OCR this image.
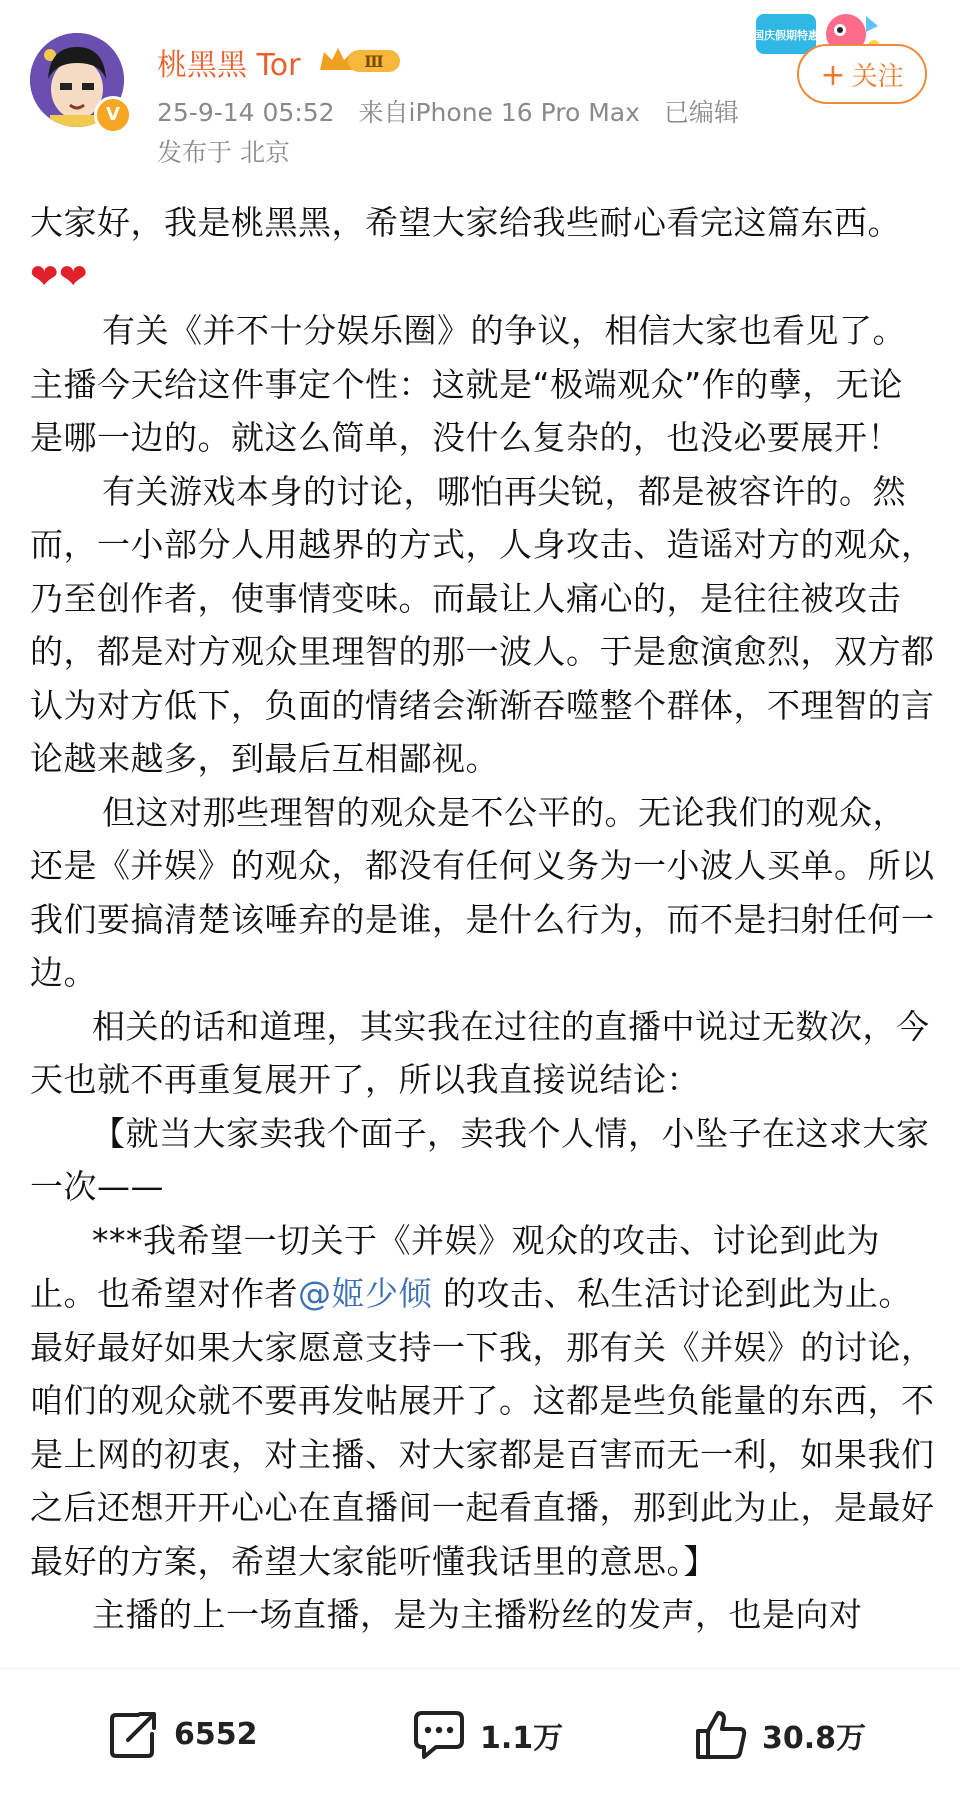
V
桃黑黑 Tor	Ⅲ
25-9-14 05:52 来自iPhone 16 Pro Max 已编辑
发布于 北京
国庆假期特惠
+ 关注

大家好，我是桃黑黑，希望大家给我些耐心看完这篇东西。 ❤❤

有关《并不十分娱乐圈》的争议，相信大家也看见了。主播今天给这件事定个性：这就是“极端观众”作的孽，无论是哪一边的。就这么简单，没什么复杂的，也没必要展开！

有关游戏本身的讨论，哪怕再尖锐，都是被容许的。然而，一小部分人用越界的方式，人身攻击、造谣对方的观众，乃至创作者，使事情变味。而最让人痛心的，是往往被攻击的，都是对方观众里理智的那一波人。于是愈演愈烈，双方都认为对方低下，负面的情绪会渐渐吞噬整个群体，不理智的言论越来越多，到最后互相鄙视。

但这对那些理智的观众是不公平的。无论我们的观众，还是《并娱》的观众，都没有任何义务为一小波人买单。所以我们要搞清楚该唾弃的是谁，是什么行为，而不是扫射任何一边。

相关的话和道理，其实我在过往的直播中说过无数次，今天也就不再重复展开了，所以我直接说结论：

【就当大家卖我个面子，卖我个人情，小坠子在这求大家一次——

***我希望一切关于《并娱》观众的攻击、讨论到此为止。也希望对作者@姬少倾 的攻击、私生活讨论到此为止。最好最好如果大家愿意支持一下我，那有关《并娱》的讨论，咱们的观众就不要再发帖展开了。这都是些负能量的东西，不是上网的初衷，对主播、对大家都是百害而无一利，如果我们之后还想开开心心在直播间一起看直播，那到此为止，是最好最好的方案，希望大家能听懂我话里的意思。】

主播的上一场直播，是为主播粉丝的发声，也是向对

6552	1.1万	30.8万
